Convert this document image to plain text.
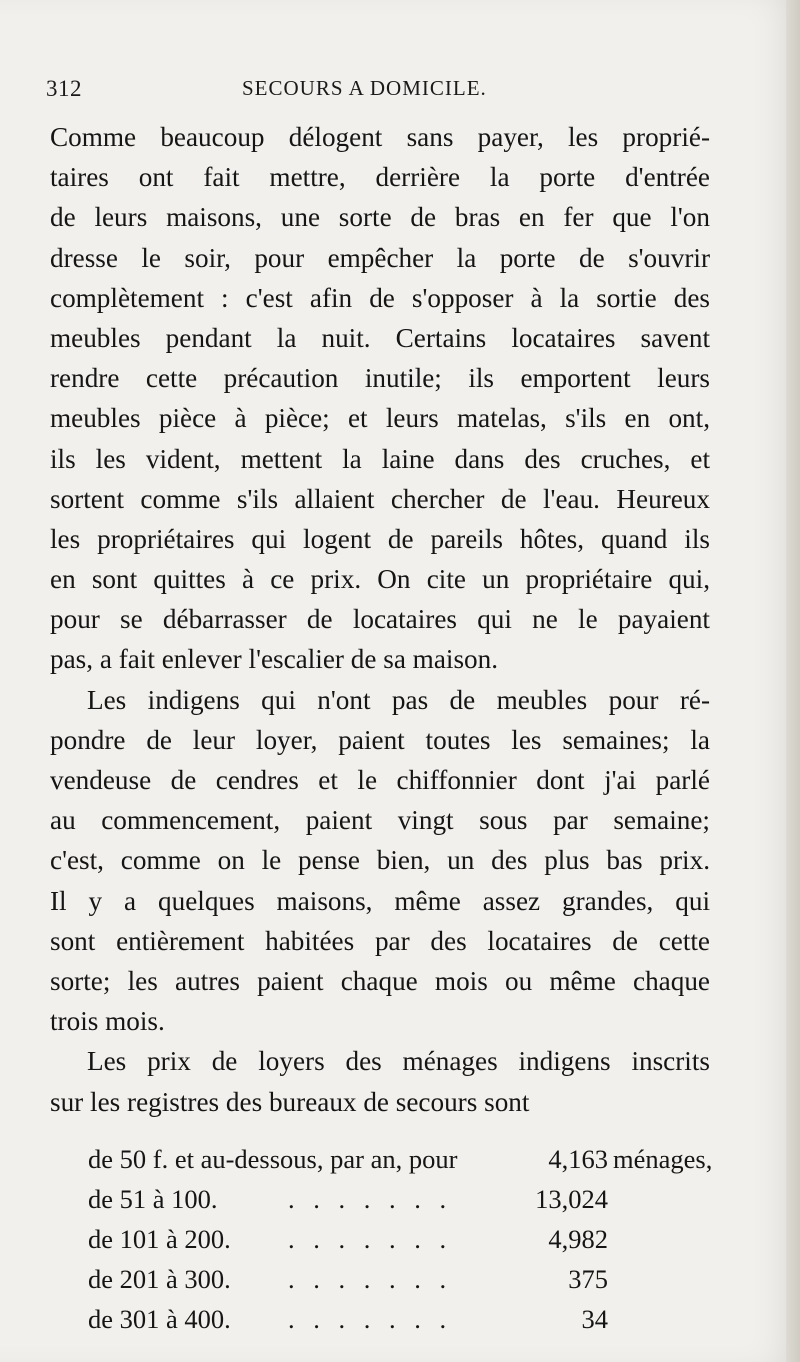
312	SECOURS A DOMICILE.
Comme beaucoup délogent sans payer, les proprié-
taires ont fait mettre, derrière la porte d'entrée
de leurs maisons, une sorte de bras en fer que l'on
dresse le soir, pour empêcher la porte de s'ouvrir
complètement : c'est afin de s'opposer à la sortie des
meubles pendant la nuit. Certains locataires savent
rendre cette précaution inutile; ils emportent leurs
meubles pièce à pièce; et leurs matelas, s'ils en ont,
ils les vident, mettent la laine dans des cruches, et
sortent comme s'ils allaient chercher de l'eau. Heureux
les propriétaires qui logent de pareils hôtes, quand ils
en sont quittes à ce prix. On cite un propriétaire qui,
pour se débarrasser de locataires qui ne le payaient
pas, a fait enlever l'escalier de sa maison.
Les indigens qui n'ont pas de meubles pour ré-
pondre de leur loyer, paient toutes les semaines; la
vendeuse de cendres et le chiffonnier dont j'ai parlé
au commencement, paient vingt sous par semaine;
c'est, comme on le pense bien, un des plus bas prix.
Il y a quelques maisons, même assez grandes, qui
sont entièrement habitées par des locataires de cette
sorte; les autres paient chaque mois ou même chaque
trois mois.
Les prix de loyers des ménages indigens inscrits
sur les registres des bureaux de secours sont
de 50 f. et au-dessous, par an, pour	4,163 ménages,
de 51 à 100.	. . . . . . .	13,024
de 101 à 200. . . . . . . .	4,982
de 201 à 300. . . . . . . .	375
de 301 à 400. . . . . . . .	34
